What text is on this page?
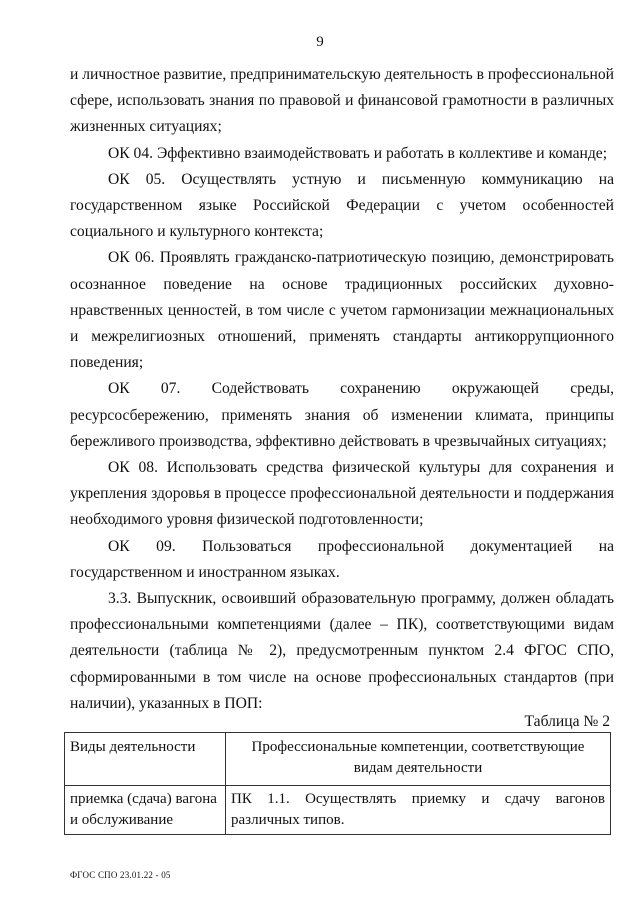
9

и личностное развитие, предпринимательскую деятельность в профессиональной сфере, использовать знания по правовой и финансовой грамотности в различных жизненных ситуациях;

ОК 04. Эффективно взаимодействовать и работать в коллективе и команде;

ОК 05. Осуществлять устную и письменную коммуникацию на государственном языке Российской Федерации с учетом особенностей социального и культурного контекста;

ОК 06. Проявлять гражданско-патриотическую позицию, демонстрировать осознанное поведение на основе традиционных российских духовно-нравственных ценностей, в том числе с учетом гармонизации межнациональных и межрелигиозных отношений, применять стандарты антикоррупционного поведения;

ОК 07. Содействовать сохранению окружающей среды, ресурсосбережению, применять знания об изменении климата, принципы бережливого производства, эффективно действовать в чрезвычайных ситуациях;

ОК 08. Использовать средства физической культуры для сохранения и укрепления здоровья в процессе профессиональной деятельности и поддержания необходимого уровня физической подготовленности;

ОК 09. Пользоваться профессиональной документацией на государственном и иностранном языках.

3.3. Выпускник, освоивший образовательную программу, должен обладать профессиональными компетенциями (далее – ПК), соответствующими видам деятельности (таблица № 2), предусмотренным пунктом 2.4 ФГОС СПО, сформированными в том числе на основе профессиональных стандартов (при наличии), указанных в ПОП:

Таблица № 2
Виды деятельности	Профессиональные компетенции, соответствующие видам деятельности
приемка (сдача) вагона и обслуживание	ПК 1.1. Осуществлять приемку и сдачу вагонов различных типов.
ФГОС СПО 23.01.22 - 05
